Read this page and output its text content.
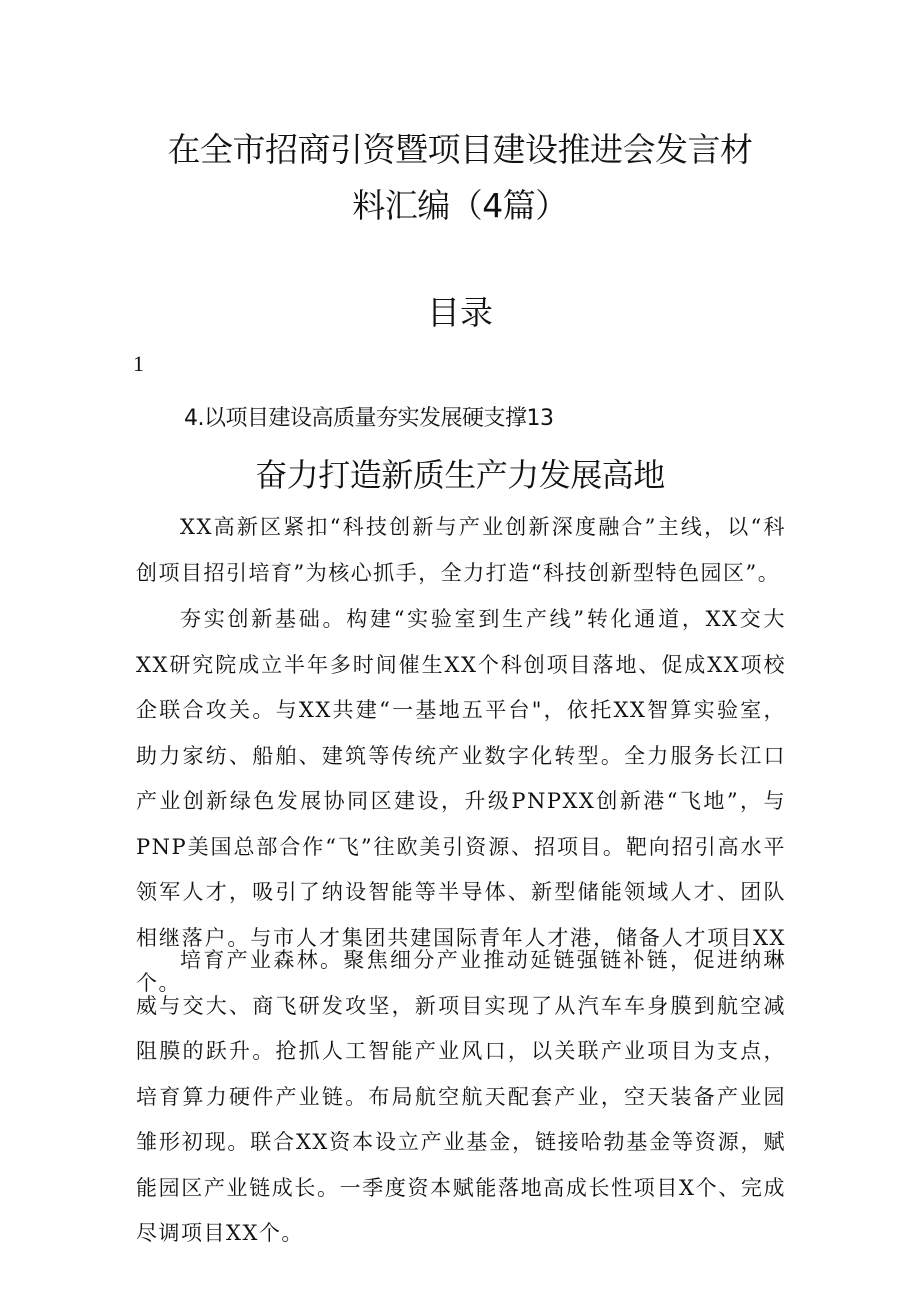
在全市招商引资暨项目建设推进会发言材
料汇编（4篇）
目录
1
4.以项目建设高质量夯实发展硬支撑13
奋力打造新质生产力发展高地

XX高新区紧扣“科技创新与产业创新深度融合”主线，以“科创项目招引培育”为核心抓手，全力打造“科技创新型特色园区”。

夯实创新基础。构建“实验室到生产线”转化通道，XX交大XX研究院成立半年多时间催生XX个科创项目落地、促成XX项校企联合攻关。与XX共建“一基地五平台"，依托XX智算实验室，助力家纺、船舶、建筑等传统产业数字化转型。全力服务长江口产业创新绿色发展协同区建设，升级PNPXX创新港“飞地”，与PNP美国总部合作“飞”往欧美引资源、招项目。靶向招引高水平领军人才，吸引了纳设智能等半导体、新型储能领域人才、团队相继落户。与市人才集团共建国际青年人才港，储备人才项目XX个。

培育产业森林。聚焦细分产业推动延链强链补链，促进纳琳威与交大、商飞研发攻坚，新项目实现了从汽车车身膜到航空减阻膜的跃升。抢抓人工智能产业风口，以关联产业项目为支点，培育算力硬件产业链。布局航空航天配套产业，空天装备产业园雏形初现。联合XX资本设立产业基金，链接哈勃基金等资源，赋能园区产业链成长。一季度资本赋能落地高成长性项目X个、完成尽调项目XX个。
